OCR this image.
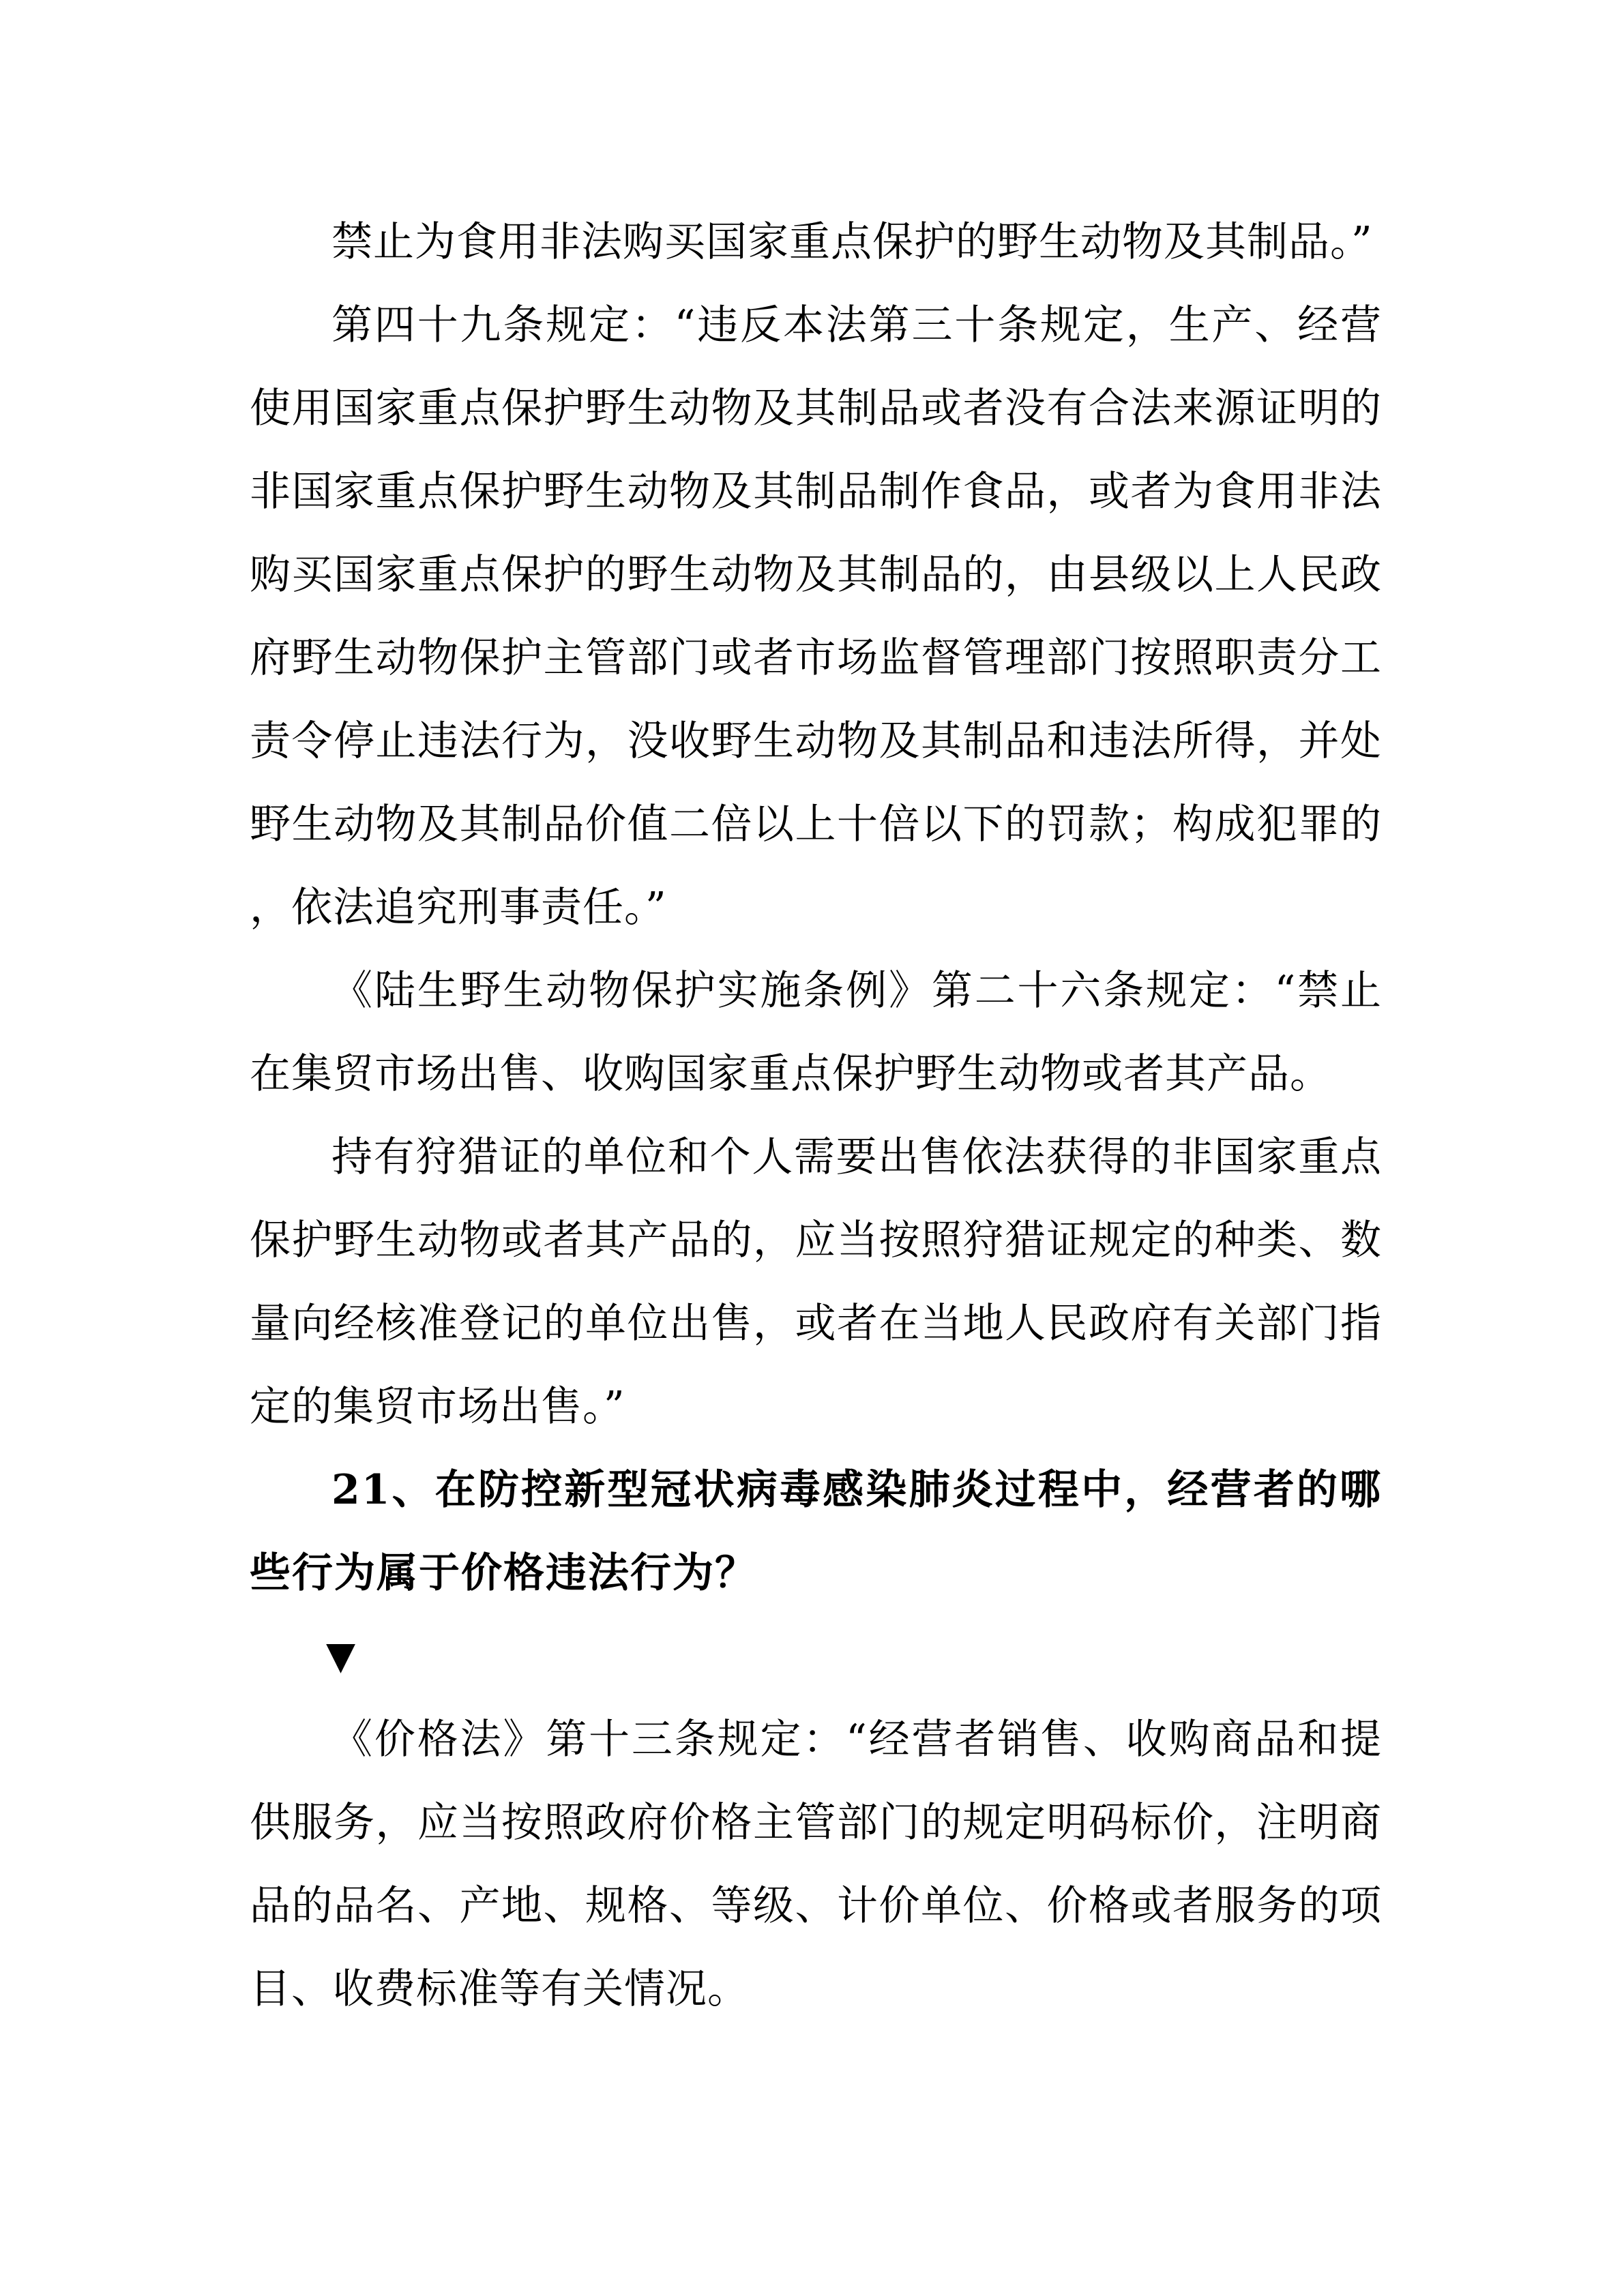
禁止为食用非法购买国家重点保护的野生动物及其制品。”

第四十九条规定：“违反本法第三十条规定，生产、经营使用国家重点保护野生动物及其制品或者没有合法来源证明的非国家重点保护野生动物及其制品制作食品，或者为食用非法购买国家重点保护的野生动物及其制品的，由县级以上人民政府野生动物保护主管部门或者市场监督管理部门按照职责分工责令停止违法行为，没收野生动物及其制品和违法所得，并处野生动物及其制品价值二倍以上十倍以下的罚款；构成犯罪的，依法追究刑事责任。”

《陆生野生动物保护实施条例》第二十六条规定：“禁止在集贸市场出售、收购国家重点保护野生动物或者其产品。

持有狩猎证的单位和个人需要出售依法获得的非国家重点保护野生动物或者其产品的，应当按照狩猎证规定的种类、数量向经核准登记的单位出售，或者在当地人民政府有关部门指定的集贸市场出售。”

21、在防控新型冠状病毒感染肺炎过程中，经营者的哪些行为属于价格违法行为？

▼

《价格法》第十三条规定：“经营者销售、收购商品和提供服务，应当按照政府价格主管部门的规定明码标价，注明商品的品名、产地、规格、等级、计价单位、价格或者服务的项目、收费标准等有关情况。
